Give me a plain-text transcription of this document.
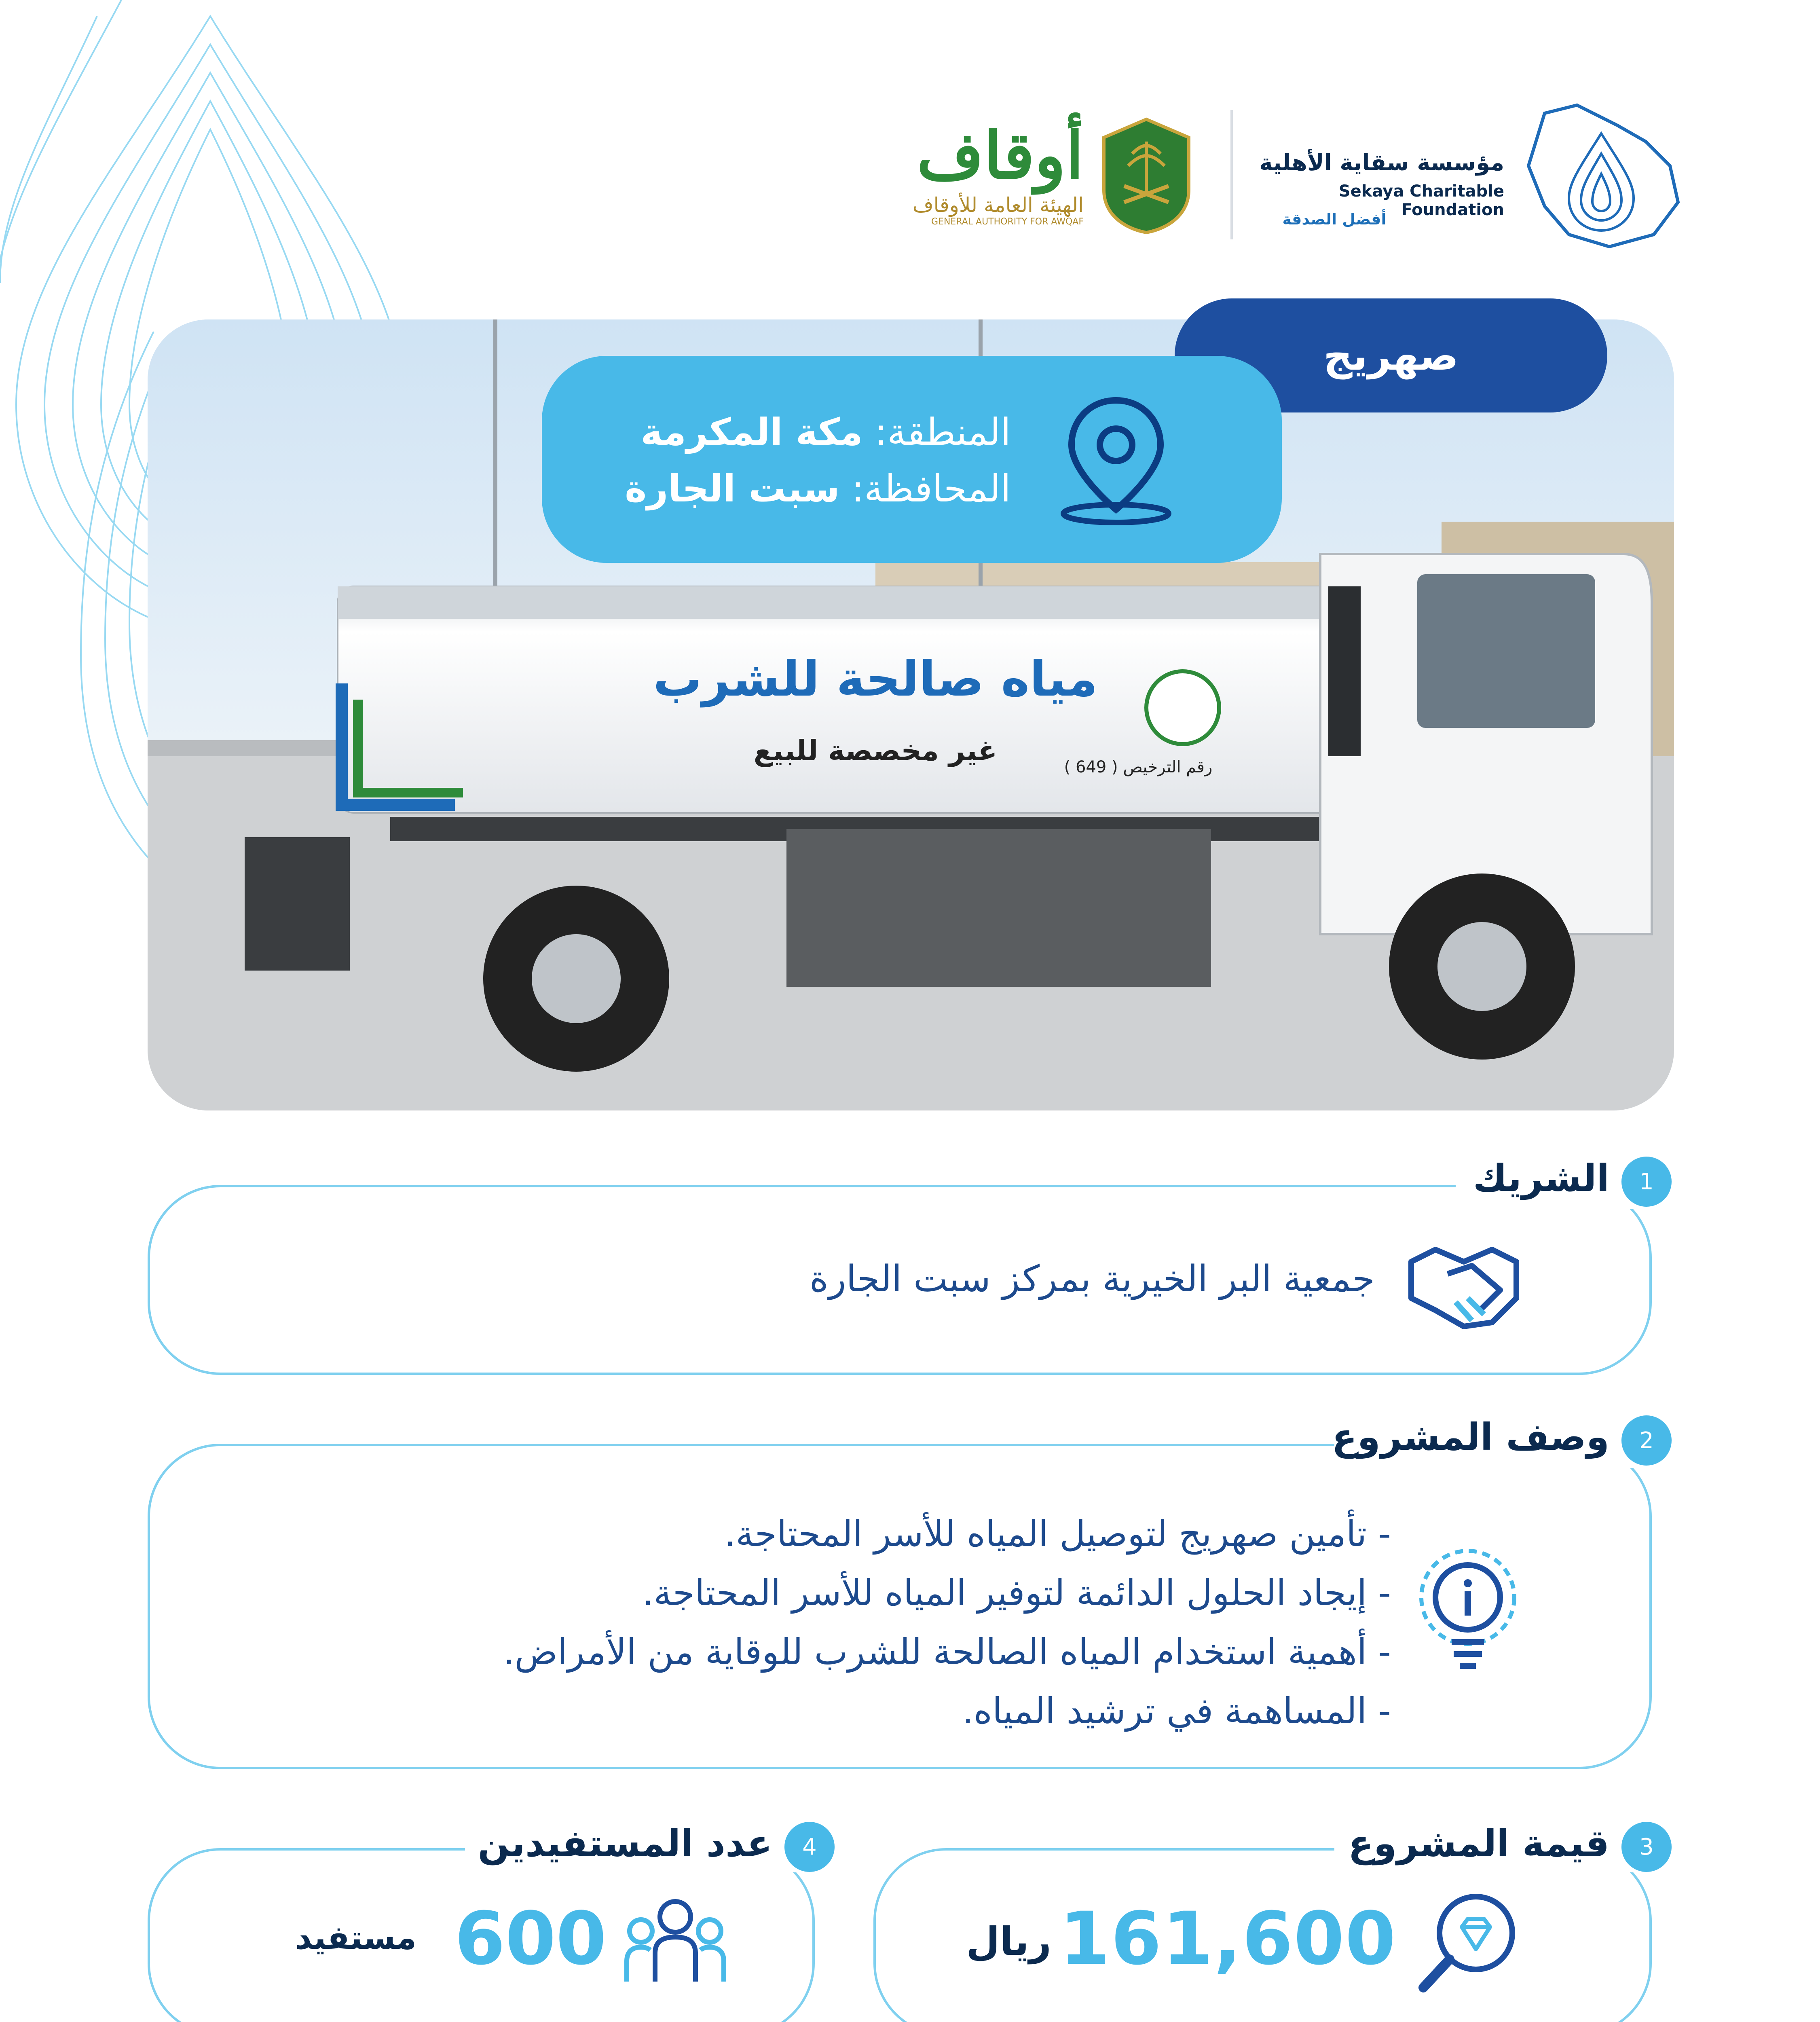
مؤسسة سقاية الأهلية
Sekaya Charitable Foundation
أفضل الصدقة
أوقاف
الهيئة العامة للأوقاف
GENERAL AUTHORITY FOR AWQAF
مياه صالحة للشرب
غير مخصصة للبيع	رقم الترخيص ( 649 )
صهريج
المنطقة: مكة المكرمة
المحافظة: سبت الجارة
1
الشريك
جمعية البر الخيرية بمركز سبت الجارة
2
وصف المشروع
- تأمين صهريج لتوصيل المياه للأسر المحتاجة.
- إيجاد الحلول الدائمة لتوفير المياه للأسر المحتاجة.
- أهمية استخدام المياه الصالحة للشرب للوقاية من الأمراض.
- المساهمة في ترشيد المياه.
3
قيمة المشروع
161,600
ريال
4
عدد المستفيدين
600
مستفيد
